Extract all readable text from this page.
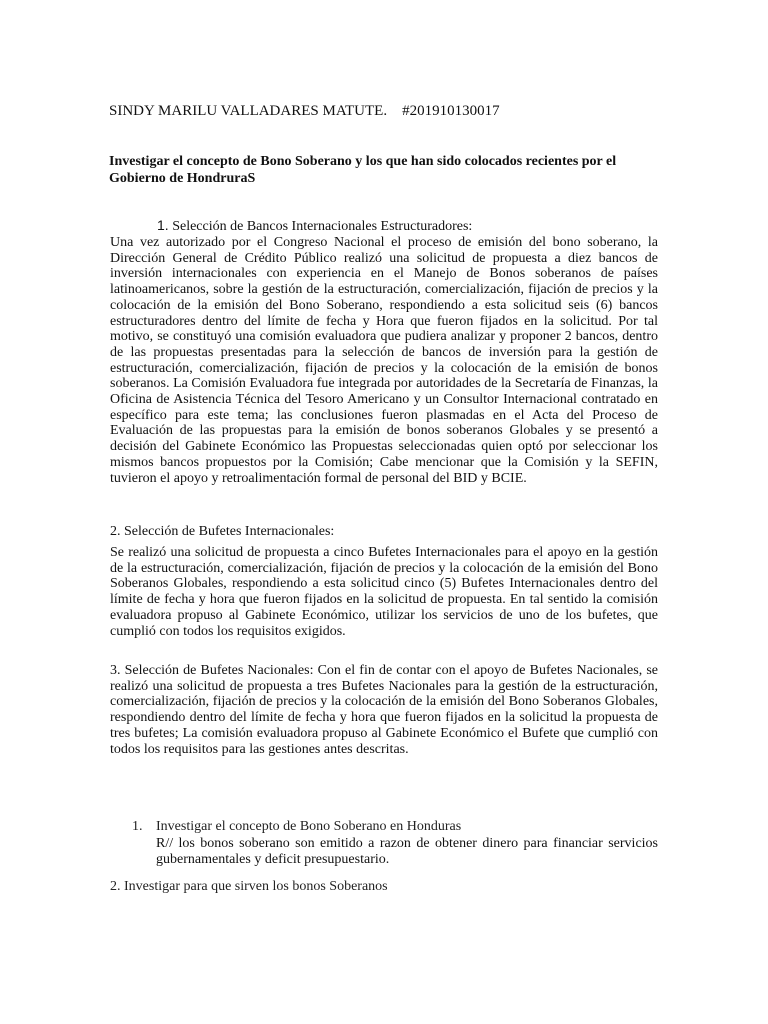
SINDY MARILU VALLADARES MATUTE. #201910130017
Investigar el concepto de Bono Soberano y los que han sido colocados recientes por el Gobierno de HondruraS
1. Selección de Bancos Internacionales Estructuradores:
Una vez autorizado por el Congreso Nacional el proceso de emisión del bono soberano, la Dirección General de Crédito Público realizó una solicitud de propuesta a diez bancos de inversión internacionales con experiencia en el Manejo de Bonos soberanos de países latinoamericanos, sobre la gestión de la estructuración, comercialización, fijación de precios y la colocación de la emisión del Bono Soberano, respondiendo a esta solicitud seis (6) bancos estructuradores dentro del límite de fecha y Hora que fueron fijados en la solicitud. Por tal motivo, se constituyó una comisión evaluadora que pudiera analizar y proponer 2 bancos, dentro de las propuestas presentadas para la selección de bancos de inversión para la gestión de estructuración, comercialización, fijación de precios y la colocación de la emisión de bonos soberanos. La Comisión Evaluadora fue integrada por autoridades de la Secretaría de Finanzas, la Oficina de Asistencia Técnica del Tesoro Americano y un Consultor Internacional contratado en específico para este tema; las conclusiones fueron plasmadas en el Acta del Proceso de Evaluación de las propuestas para la emisión de bonos soberanos Globales y se presentó a decisión del Gabinete Económico las Propuestas seleccionadas quien optó por seleccionar los mismos bancos propuestos por la Comisión; Cabe mencionar que la Comisión y la SEFIN, tuvieron el apoyo y retroalimentación formal de personal del BID y BCIE.
2. Selección de Bufetes Internacionales:
Se realizó una solicitud de propuesta a cinco Bufetes Internacionales para el apoyo en la gestión de la estructuración, comercialización, fijación de precios y la colocación de la emisión del Bono Soberanos Globales, respondiendo a esta solicitud cinco (5) Bufetes Internacionales dentro del límite de fecha y hora que fueron fijados en la solicitud de propuesta. En tal sentido la comisión evaluadora propuso al Gabinete Económico, utilizar los servicios de uno de los bufetes, que cumplió con todos los requisitos exigidos.
3. Selección de Bufetes Nacionales: Con el fin de contar con el apoyo de Bufetes Nacionales, se realizó una solicitud de propuesta a tres Bufetes Nacionales para la gestión de la estructuración, comercialización, fijación de precios y la colocación de la emisión del Bono Soberanos Globales, respondiendo dentro del límite de fecha y hora que fueron fijados en la solicitud la propuesta de tres bufetes; La comisión evaluadora propuso al Gabinete Económico el Bufete que cumplió con todos los requisitos para las gestiones antes descritas.
1. Investigar el concepto de Bono Soberano en Honduras
R// los bonos soberano son emitido a razon de obtener dinero para financiar servicios gubernamentales y deficit presupuestario.
2. Investigar para que sirven los bonos Soberanos
